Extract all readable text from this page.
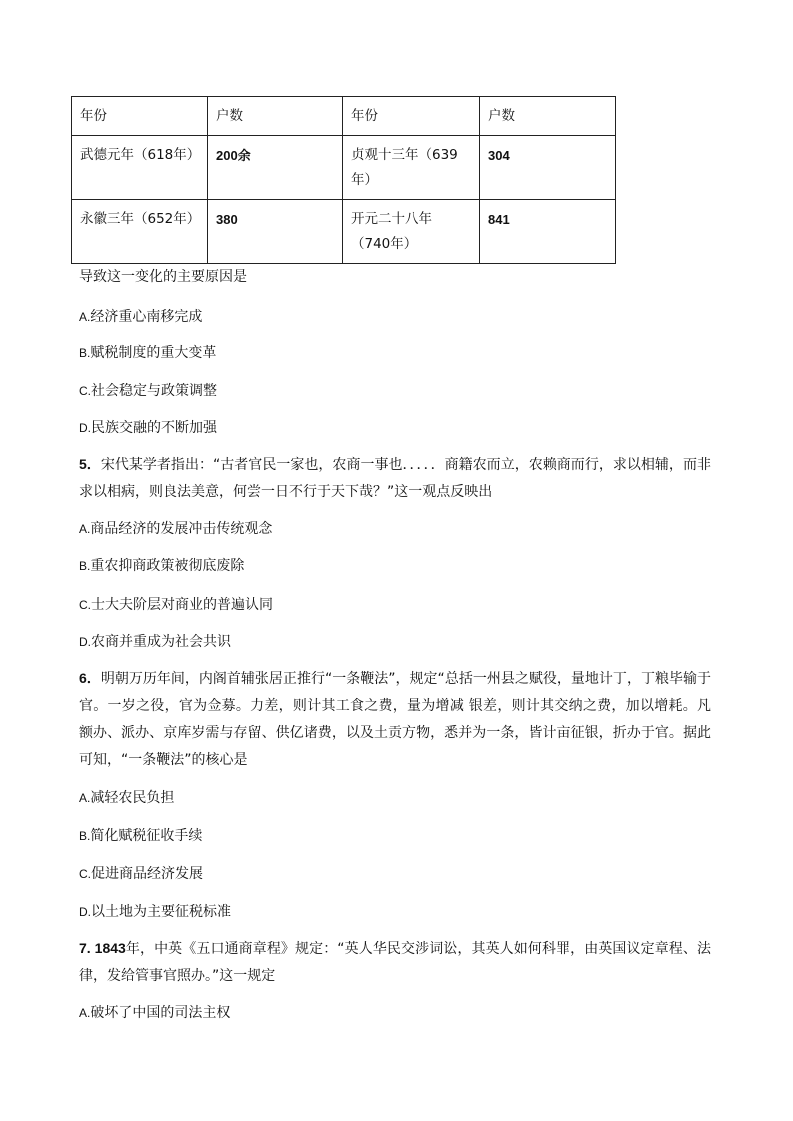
年份	户数	年份	户数
武德元年（618年）	200余	贞观十三年（639年）	304
永徽三年（652年）	380	开元二十八年（740年）	841
导致这一变化的主要原因是
A.经济重心南移完成
B.赋税制度的重大变革
C.社会稳定与政策调整
D.民族交融的不断加强
5．宋代某学者指出：“古者官民一家也，农商一事也．．．．．商籍农而立，农赖商而行，求以相辅，而非求以相病，则良法美意，何尝一日不行于天下哉？”这一观点反映出
A.商品经济的发展冲击传统观念
B.重农抑商政策被彻底废除
C.士大夫阶层对商业的普遍认同
D.农商并重成为社会共识
6．明朝万历年间，内阁首辅张居正推行“一条鞭法”，规定“总括一州县之赋役，量地计丁，丁粮毕输于官。一岁之役，官为佥募。力差，则计其工食之费，量为增减 银差，则计其交纳之费，加以增耗。凡额办、派办、京库岁需与存留、供亿诸费，以及土贡方物，悉并为一条，皆计亩征银，折办于官。据此可知，“一条鞭法”的核心是
A.减轻农民负担
B.简化赋税征收手续
C.促进商品经济发展
D.以土地为主要征税标准
7. 1843年，中英《五口通商章程》规定：“英人华民交涉词讼，其英人如何科罪，由英国议定章程、法律，发给管事官照办。”这一规定
A.破坏了中国的司法主权
